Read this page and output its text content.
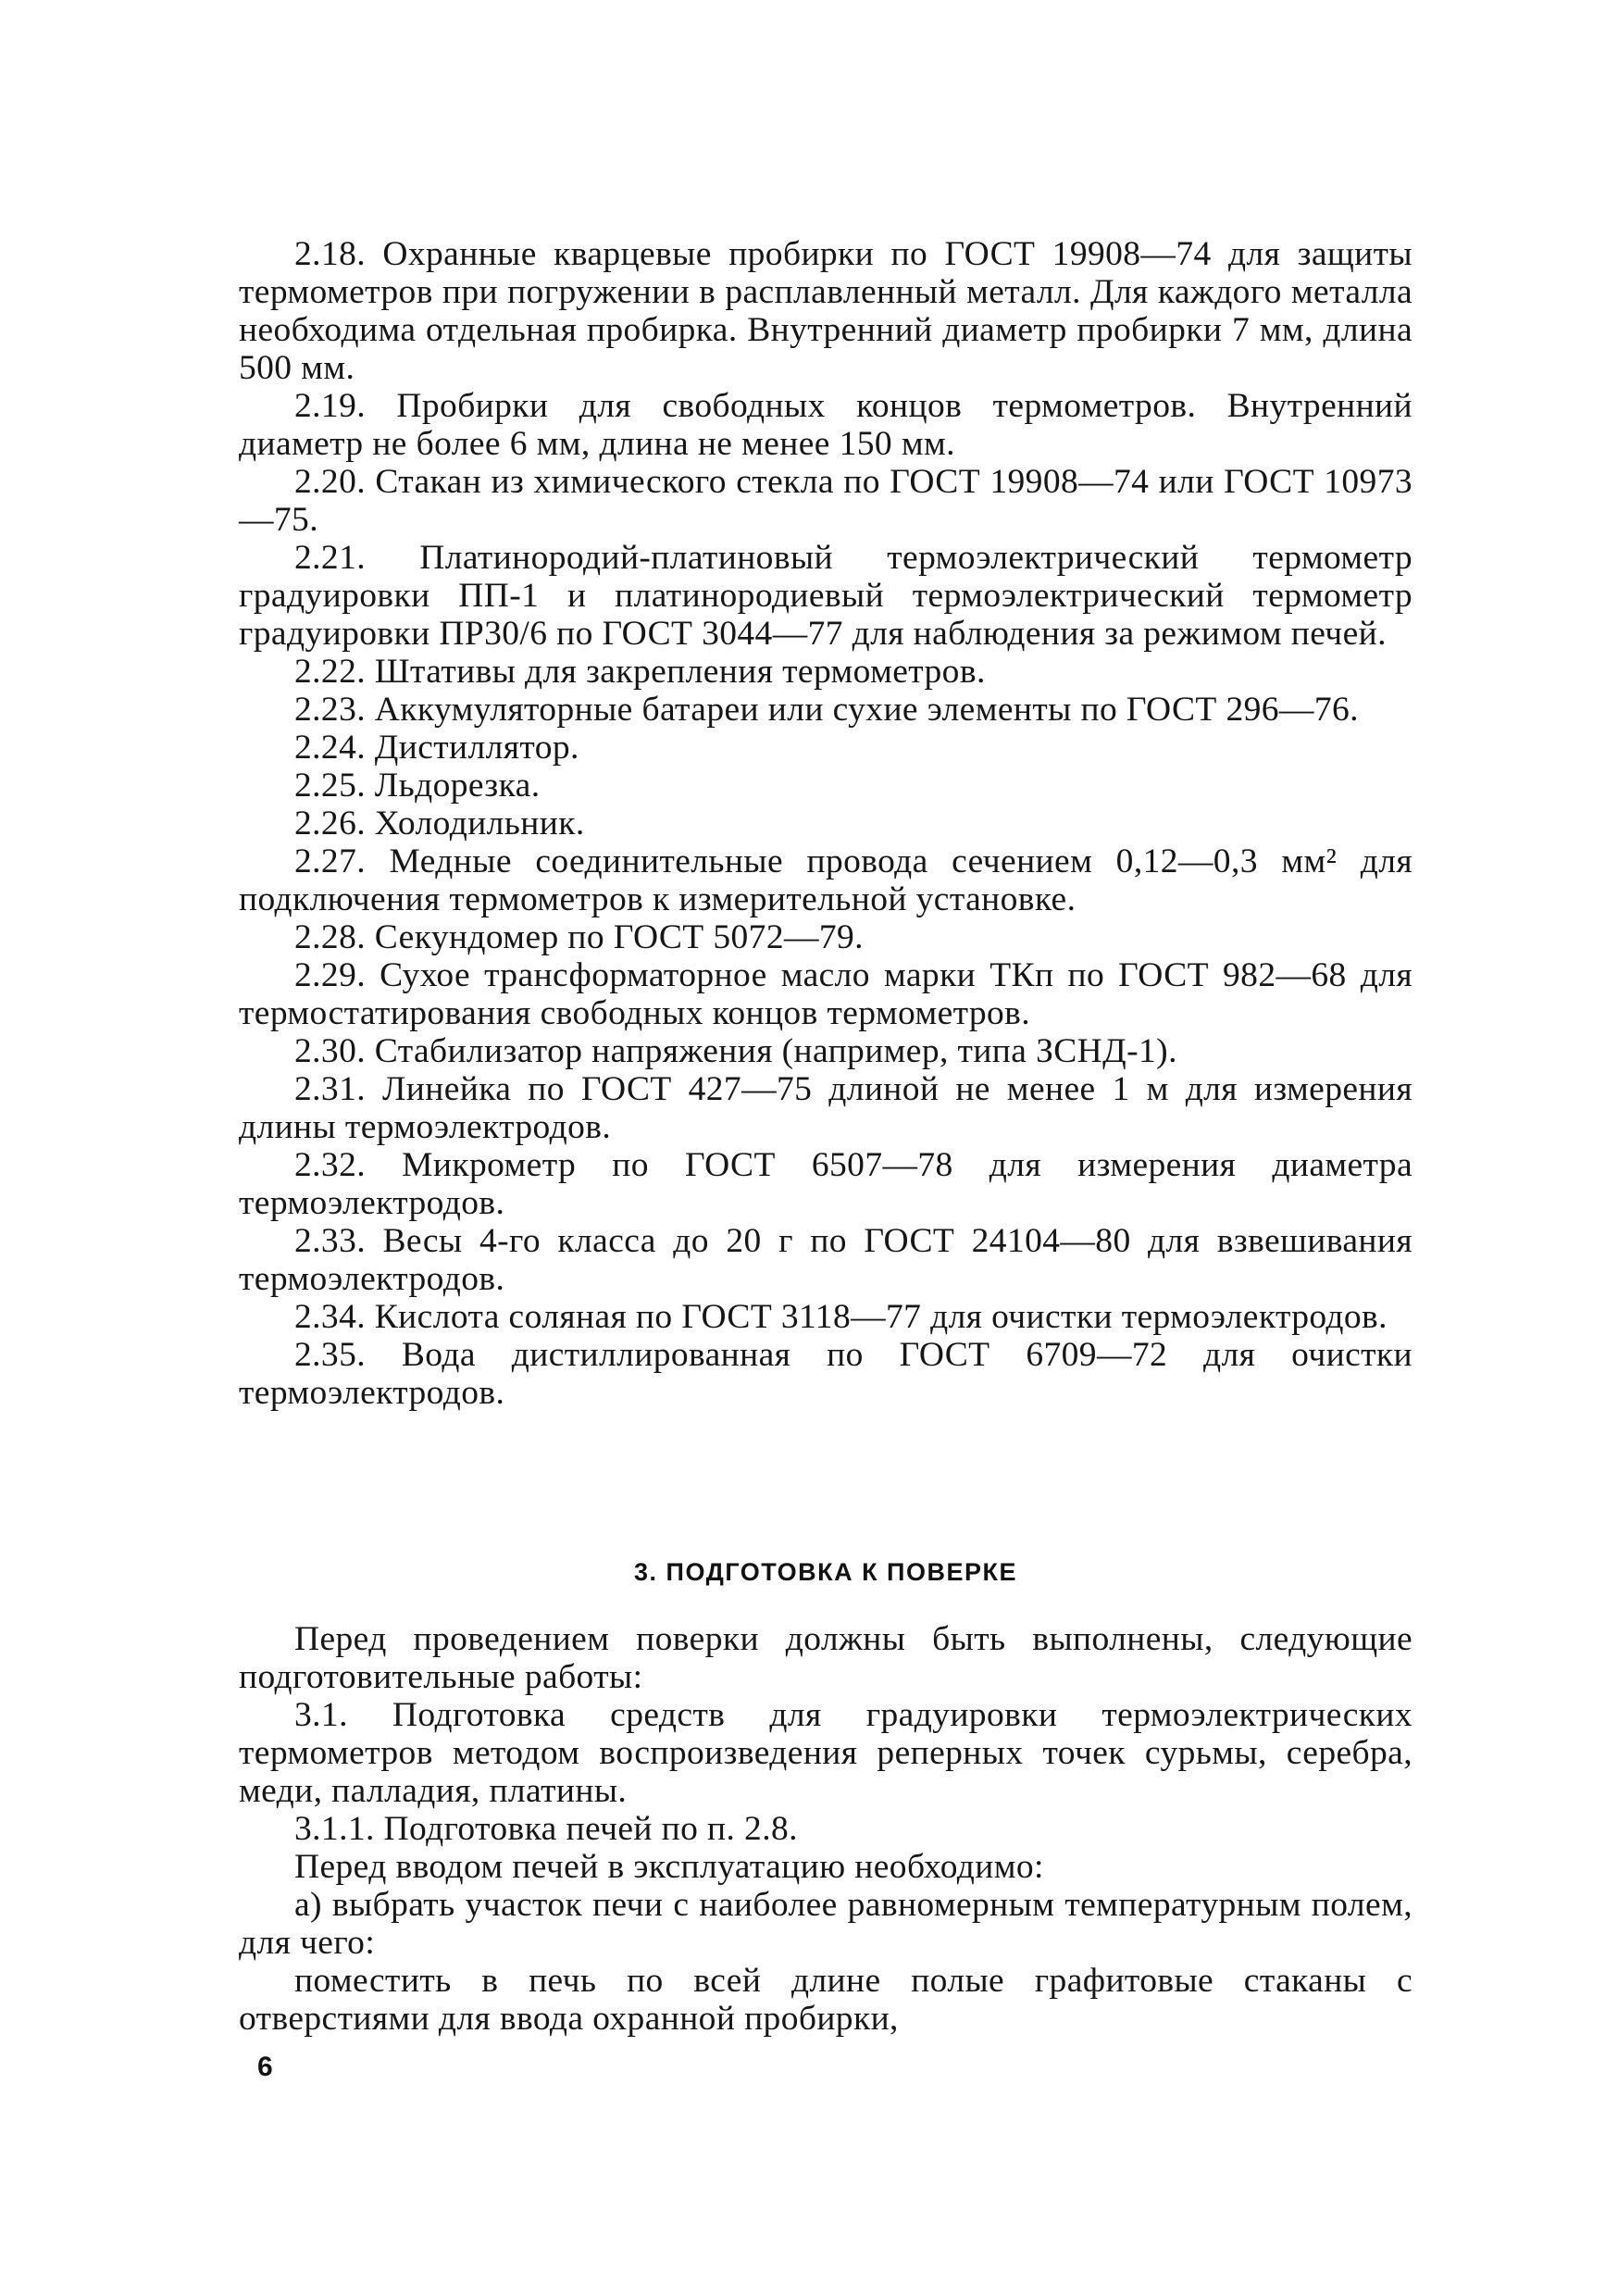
2.18. Охранные кварцевые пробирки по ГОСТ 19908—74 для защиты термометров при погружении в расплавленный металл. Для каждого металла необходима отдельная пробирка. Внутренний диаметр пробирки 7 мм, длина 500 мм.

2.19. Пробирки для свободных концов термометров. Внутренний диаметр не более 6 мм, длина не менее 150 мм.

2.20. Стакан из химического стекла по ГОСТ 19908—74 или ГОСТ 10973—75.

2.21. Платинородий-платиновый термоэлектрический термометр градуировки ПП-1 и платинородиевый термоэлектрический термометр градуировки ПР30/6 по ГОСТ 3044—77 для наблюдения за режимом печей.

2.22. Штативы для закрепления термометров.

2.23. Аккумуляторные батареи или сухие элементы по ГОСТ 296—76.

2.24. Дистиллятор.

2.25. Льдорезка.

2.26. Холодильник.

2.27. Медные соединительные провода сечением 0,12—0,3 мм² для подключения термометров к измерительной установке.

2.28. Секундомер по ГОСТ 5072—79.

2.29. Сухое трансформаторное масло марки ТКп по ГОСТ 982—68 для термостатирования свободных концов термометров.

2.30. Стабилизатор напряжения (например, типа ЗСНД-1).

2.31. Линейка по ГОСТ 427—75 длиной не менее 1 м для измерения длины термоэлектродов.

2.32. Микрометр по ГОСТ 6507—78 для измерения диаметра термоэлектродов.

2.33. Весы 4-го класса до 20 г по ГОСТ 24104—80 для взвешивания термоэлектродов.

2.34. Кислота соляная по ГОСТ 3118—77 для очистки термоэлектродов.

2.35. Вода дистиллированная по ГОСТ 6709—72 для очистки термоэлектродов.

3. ПОДГОТОВКА К ПОВЕРКЕ

Перед проведением поверки должны быть выполнены, следующие подготовительные работы:

3.1. Подготовка средств для градуировки термоэлектрических термометров методом воспроизведения реперных точек сурьмы, серебра, меди, палладия, платины.

3.1.1. Подготовка печей по п. 2.8.

Перед вводом печей в эксплуатацию необходимо:

а) выбрать участок печи с наиболее равномерным температурным полем, для чего:

поместить в печь по всей длине полые графитовые стаканы с отверстиями для ввода охранной пробирки,

6
